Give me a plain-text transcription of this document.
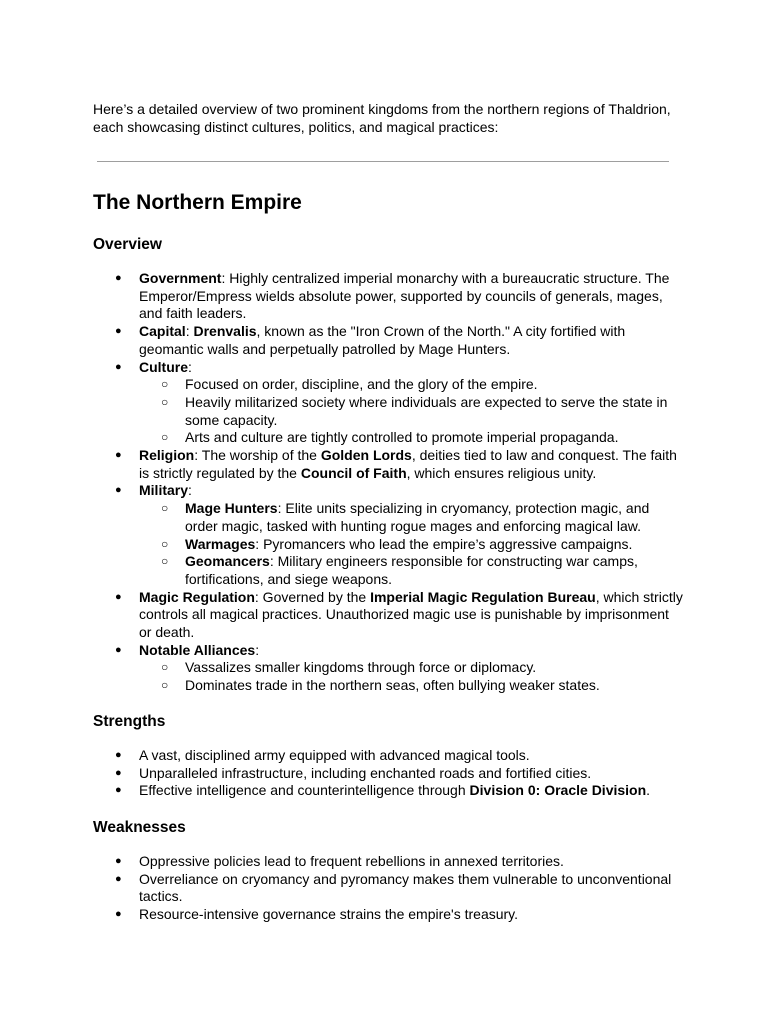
Here’s a detailed overview of two prominent kingdoms from the northern regions of Thaldrion, each showcasing distinct cultures, politics, and magical practices:
The Northern Empire
Overview
● Government: Highly centralized imperial monarchy with a bureaucratic structure. The Emperor/Empress wields absolute power, supported by councils of generals, mages, and faith leaders.
● Capital: Drenvalis, known as the "Iron Crown of the North." A city fortified with geomantic walls and perpetually patrolled by Mage Hunters.
● Culture:
○ Focused on order, discipline, and the glory of the empire.
○ Heavily militarized society where individuals are expected to serve the state in some capacity.
○ Arts and culture are tightly controlled to promote imperial propaganda.
● Religion: The worship of the Golden Lords, deities tied to law and conquest. The faith is strictly regulated by the Council of Faith, which ensures religious unity.
● Military:
○ Mage Hunters: Elite units specializing in cryomancy, protection magic, and order magic, tasked with hunting rogue mages and enforcing magical law.
○ Warmages: Pyromancers who lead the empire’s aggressive campaigns.
○ Geomancers: Military engineers responsible for constructing war camps, fortifications, and siege weapons.
● Magic Regulation: Governed by the Imperial Magic Regulation Bureau, which strictly controls all magical practices. Unauthorized magic use is punishable by imprisonment or death.
● Notable Alliances:
○ Vassalizes smaller kingdoms through force or diplomacy.
○ Dominates trade in the northern seas, often bullying weaker states.
Strengths
● A vast, disciplined army equipped with advanced magical tools.
● Unparalleled infrastructure, including enchanted roads and fortified cities.
● Effective intelligence and counterintelligence through Division 0: Oracle Division.
Weaknesses
● Oppressive policies lead to frequent rebellions in annexed territories.
● Overreliance on cryomancy and pyromancy makes them vulnerable to unconventional tactics.
● Resource-intensive governance strains the empire's treasury.
